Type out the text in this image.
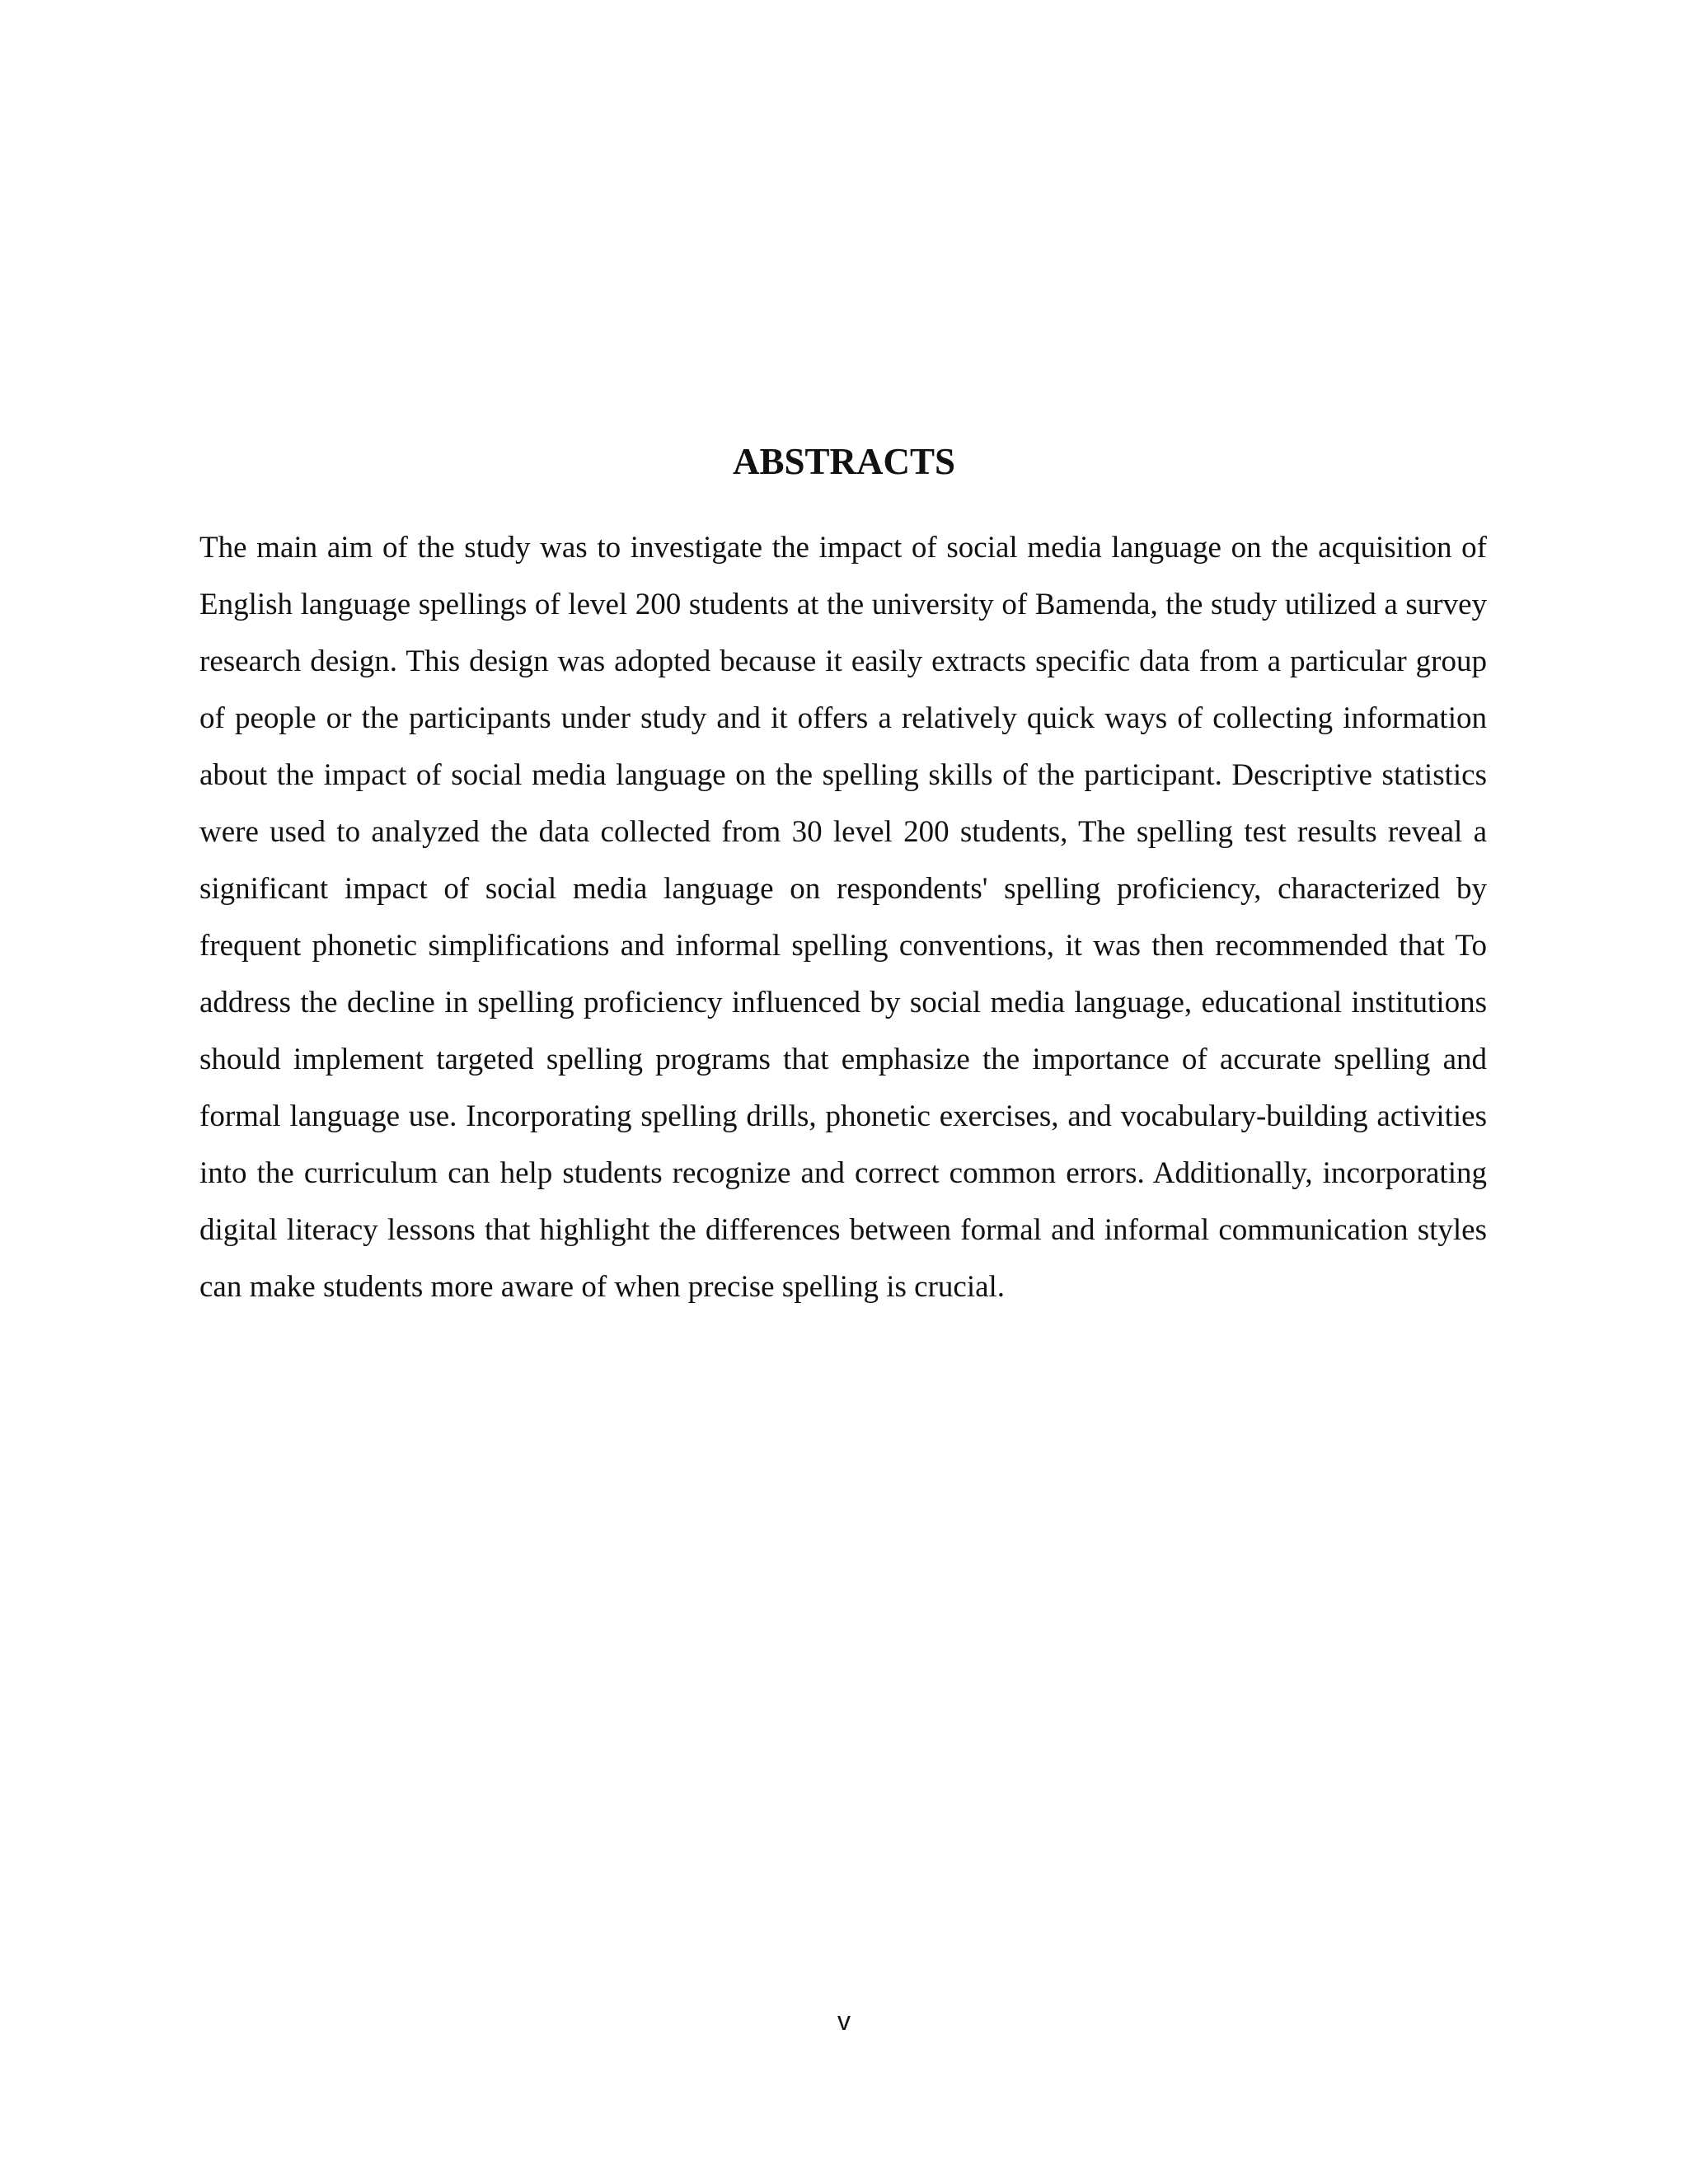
ABSTRACTS

The main aim of the study was to investigate the impact of social media language on the acquisition of English language spellings of level 200 students at the university of Bamenda, the study utilized a survey research design. This design was adopted because it easily extracts specific data from a particular group of people or the participants under study and it offers a relatively quick ways of collecting information about the impact of social media language on the spelling skills of the participant. Descriptive statistics were used to analyzed the data collected from 30 level 200 students, The spelling test results reveal a significant impact of social media language on respondents' spelling proficiency, characterized by frequent phonetic simplifications and informal spelling conventions, it was then recommended that To address the decline in spelling proficiency influenced by social media language, educational institutions should implement targeted spelling programs that emphasize the importance of accurate spelling and formal language use. Incorporating spelling drills, phonetic exercises, and vocabulary-building activities into the curriculum can help students recognize and correct common errors. Additionally, incorporating digital literacy lessons that highlight the differences between formal and informal communication styles can make students more aware of when precise spelling is crucial.

v
